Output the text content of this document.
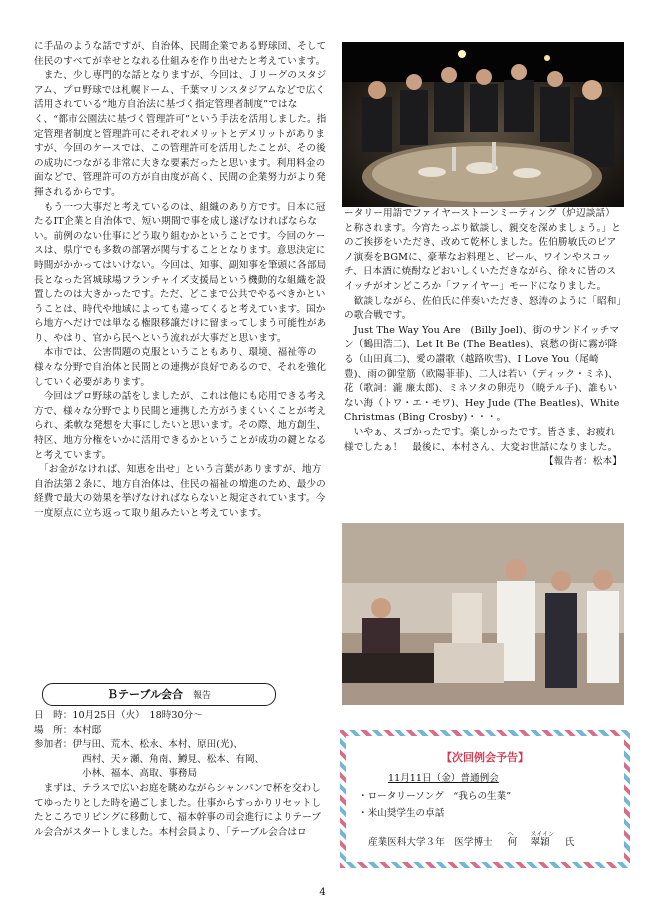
に手品のような話ですが、自治体、民間企業である野球団、そして住民のすべてが幸せとなれる仕組みを作り出せたと考えています。

　また、少し専門的な話となりますが、今回は、Ｊリーグのスタジアム、プロ野球では札幌ドーム、千葉マリンスタジアムなどで広く活用されている“地方自治法に基づく指定管理者制度”ではなく、“都市公園法に基づく管理許可”という手法を活用しました。指定管理者制度と管理許可にそれぞれメリットとデメリットがありますが、今回のケースでは、この管理許可を活用したことが、その後の成功につながる非常に大きな要素だったと思います。利用料金の面などで、管理許可の方が自由度が高く、民間の企業努力がより発揮されるからです。

　もう一つ大事だと考えているのは、組織のあり方です。日本に冠たるIT企業と自治体で、短い期間で事を成し遂げなければならない。前例のない仕事にどう取り組むかということです。今回のケースは、県庁でも多数の部署が関与することとなります。意思決定に時間がかかってはいけない。今回は、知事、副知事を筆頭に各部局長となった宮城球場フランチャイズ支援局という機動的な組織を設置したのは大きかったです。ただ、どこまで公共でやるべきかということは、時代や地域によっても違ってくると考えています。国から地方へだけでは単なる権限移譲だけに留まってしまう可能性があり、やはり、官から民へという流れが大事だと思います。

　本市では、公害問題の克服ということもあり、環境、福祉等の様々な分野で自治体と民間との連携が良好であるので、それを強化していく必要があります。

　今回はプロ野球の話をしましたが、これは他にも応用できる考え方で、様々な分野でより民間と連携した方がうまくいくことが考えられ、柔軟な発想を大事にしたいと思います。その際、地方創生、特区、地方分権をいかに活用できるかということが成功の鍵となると考えています。

　「お金がなければ、知恵を出せ」という言葉がありますが、地方自治法第２条に、地方自治体は、住民の福祉の増進のため、最少の経費で最大の効果を挙げなければならないと規定されています。今一度原点に立ち返って取り組みたいと考えています。

Ｂテーブル会合 報告
日　時：10月25日（火）　18時30分～
場　所：本村邸
参加者：伊与田、荒木、松永、本村、原田(光)、
西村、天ヶ瀬、角南、鱒見、松本、有岡、
小林、福本、高取、事務局

　まずは、テラスで広いお庭を眺めながらシャンパンで杯を交わしてゆったりとした時を過ごしました。仕事からすっかりリセットしたところでリビングに移動して、福本幹事の司会進行によりテーブル会合がスタートしました。本村会員より、「テーブル会合はロ

ータリー用語でファイヤーストーンミーティング（炉辺談話）と称されます。今宵たっぷり歓談し、親交を深めましょう。」とのご挨拶をいただき、改めて乾杯しました。佐伯勝敏氏のピアノ演奏をBGMに、豪華なお料理と、ビール、ワインやスコッチ、日本酒に焼酎などおいしくいただきながら、徐々に皆のスイッチがオンどころか「ファイヤー」モードになりました。

　歓談しながら、佐伯氏に伴奏いただき、怒涛のように「昭和」の歌合戦です。

　Just The Way You Are　(Billy Joel)、街のサンドイッチマン（鶴田浩二)、Let It Be (The Beatles)、哀愁の街に霧が降る（山田真二)、愛の讃歌（越路吹雪)、I Love You（尾崎豊)、雨の御堂筋（欧陽菲菲)、二人は若い（ディック・ミネ)、花（歌詞：瀧 廉太郎)、ミネソタの卵売り（暁テル子)、誰もいない海（トワ・エ・モワ)、Hey Jude (The Beatles)、White Christmas (Bing Crosby)・・・。

　いやぁ、スゴかったです。楽しかったです。皆さま、お疲れ様でしたぁ！　最後に、本村さん、大変お世話になりました。

【報告者：松本】
【次回例会予告】
11月11日（金）普通例会
・ロータリーソング　“我らの生業”
・米山奨学生の卓話
産業医科大学３年　医学博士
へ
何
スイイン
翠穎 氏
4
